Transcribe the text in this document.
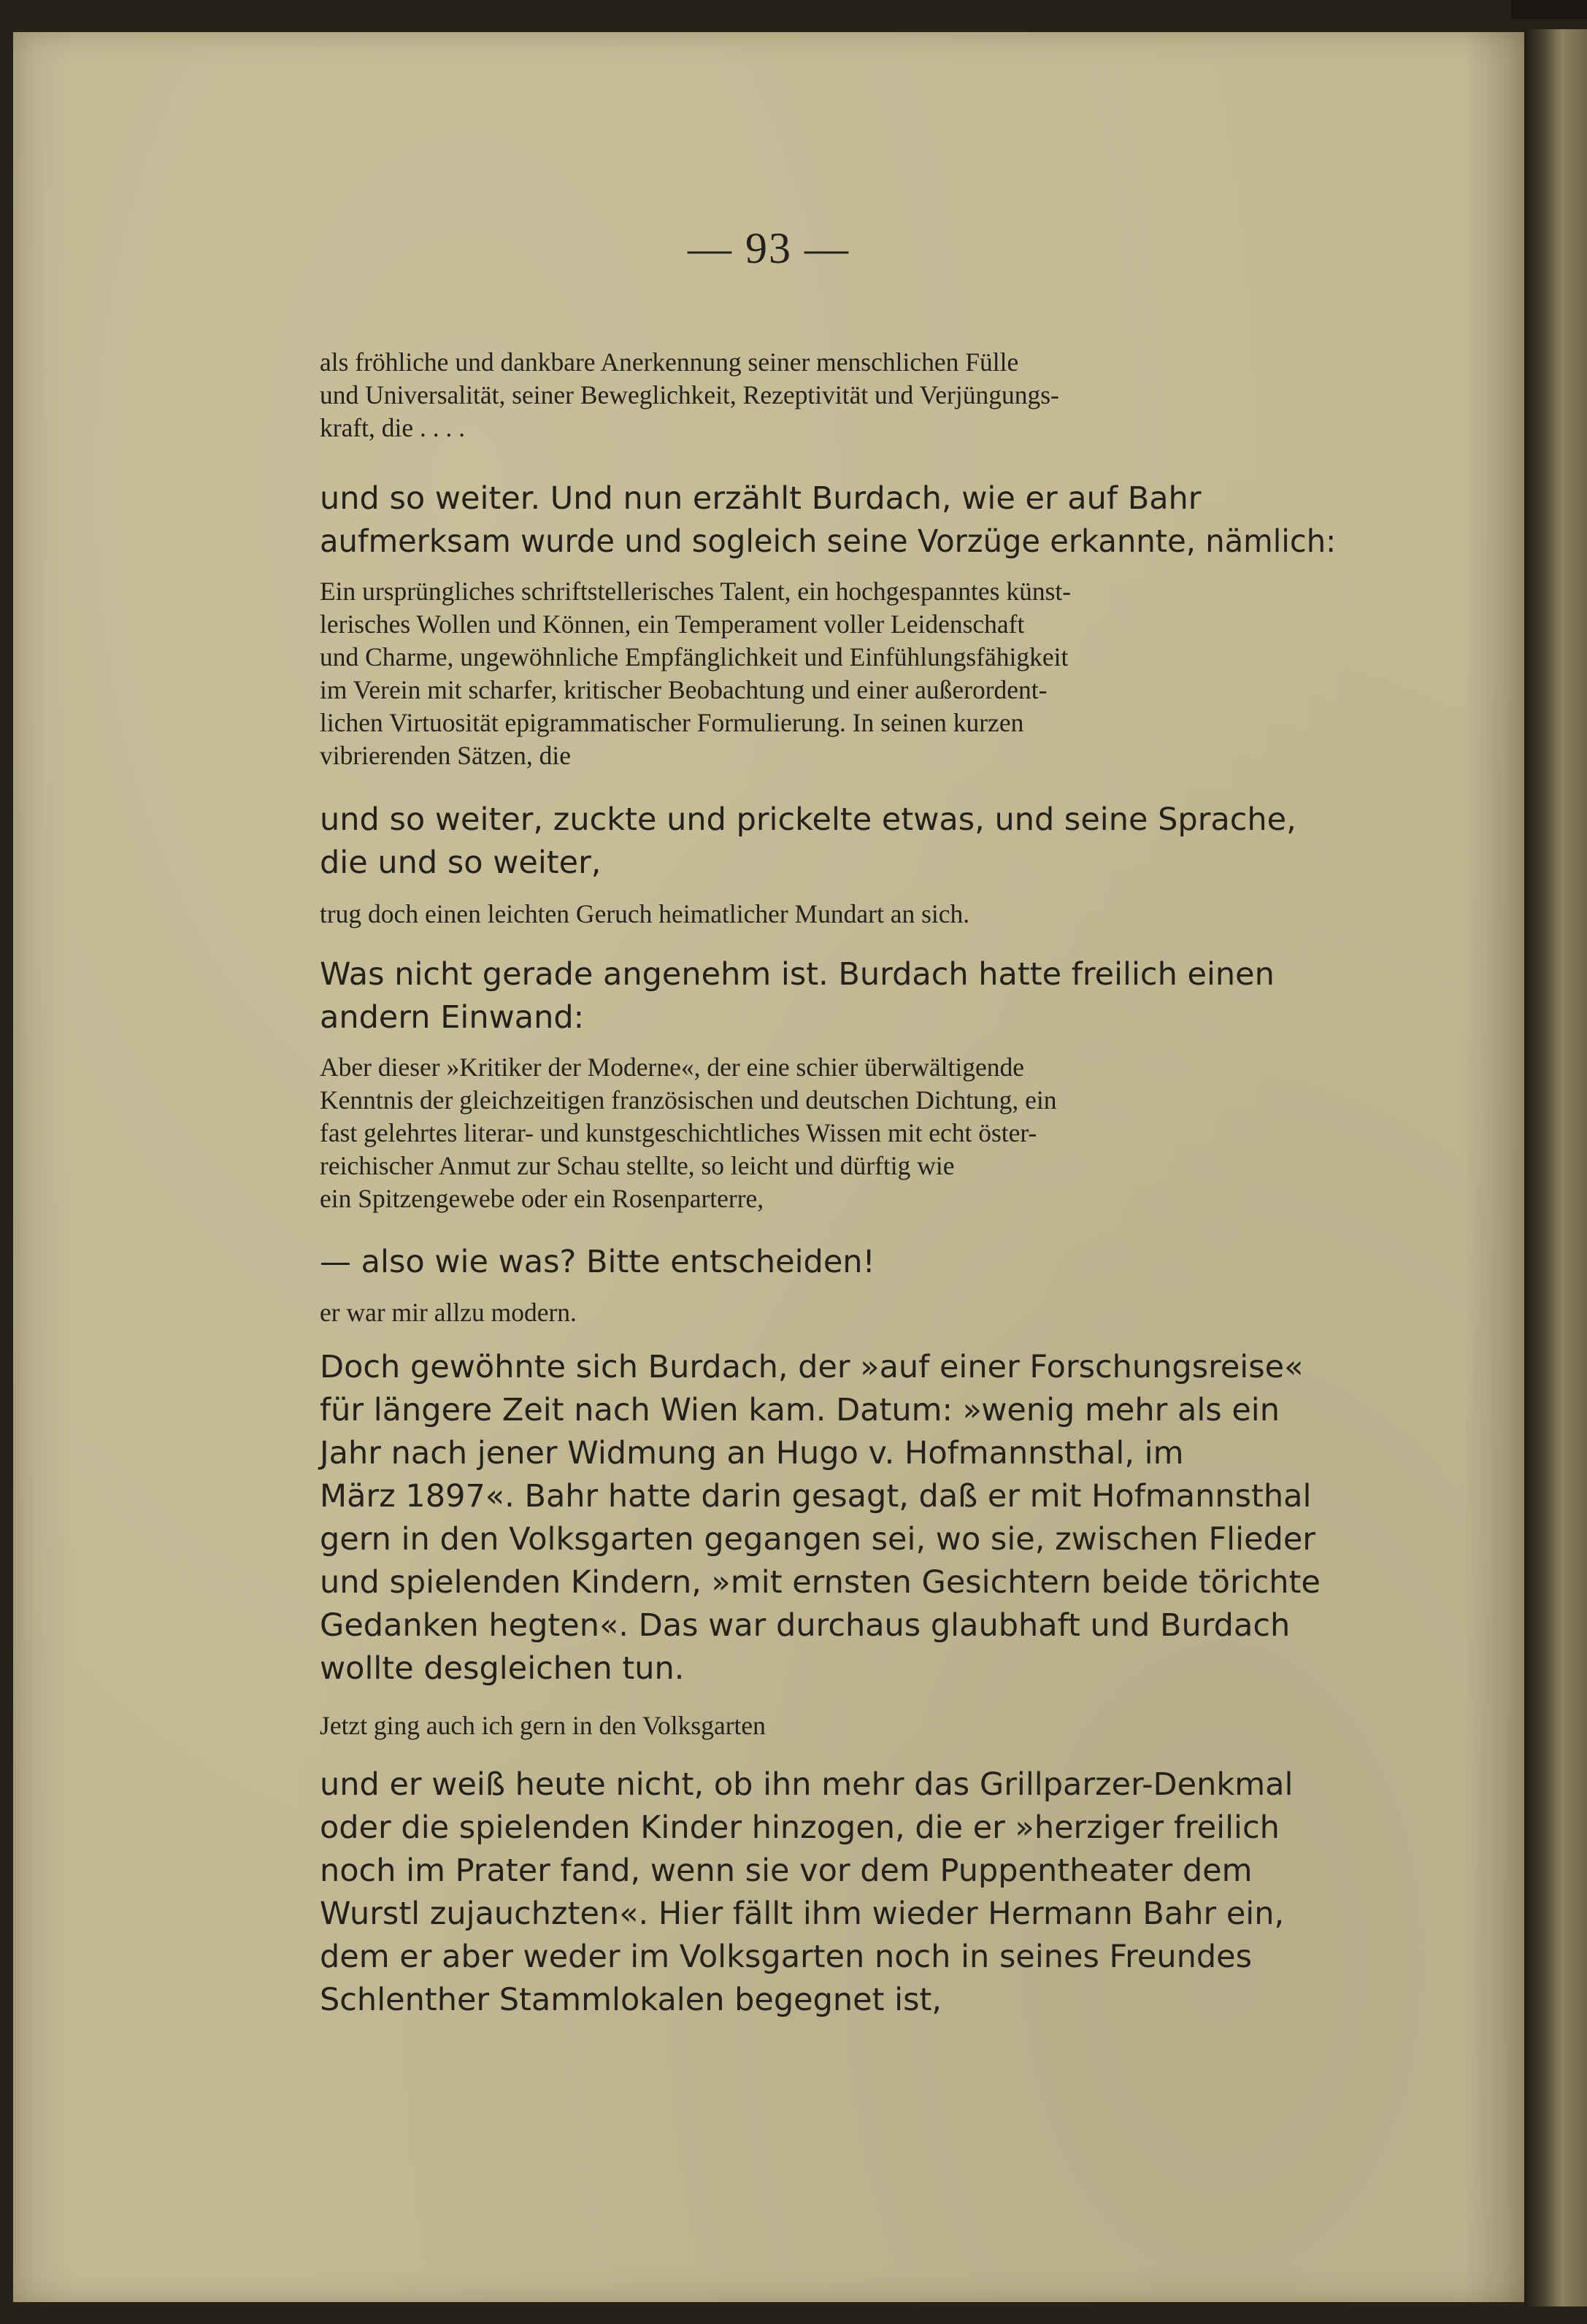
— 93 —

als fröhliche und dankbare Anerkennung seiner menschlichen Fülle
und Universalität, seiner Beweglichkeit, Rezeptivität und Verjüngungs-
kraft, die . . . .

und so weiter. Und nun erzählt Burdach, wie er auf Bahr
aufmerksam wurde und sogleich seine Vorzüge erkannte, nämlich:

Ein ursprüngliches schriftstellerisches Talent, ein hochgespanntes künst-
lerisches Wollen und Können, ein Temperament voller Leidenschaft
und Charme, ungewöhnliche Empfänglichkeit und Einfühlungsfähigkeit
im Verein mit scharfer, kritischer Beobachtung und einer außerordent-
lichen Virtuosität epigrammatischer Formulierung. In seinen kurzen
vibrierenden Sätzen, die

und so weiter, zuckte und prickelte etwas, und seine Sprache,
die und so weiter,

trug doch einen leichten Geruch heimatlicher Mundart an sich.

Was nicht gerade angenehm ist. Burdach hatte freilich einen
andern Einwand:

Aber dieser »Kritiker der Moderne«, der eine schier überwältigende
Kenntnis der gleichzeitigen französischen und deutschen Dichtung, ein
fast gelehrtes literar- und kunstgeschichtliches Wissen mit echt öster-
reichischer Anmut zur Schau stellte, so leicht und dürftig wie
ein Spitzengewebe oder ein Rosenparterre,

— also wie was? Bitte entscheiden!

er war mir allzu modern.

Doch gewöhnte sich Burdach, der »auf einer Forschungsreise«
für längere Zeit nach Wien kam. Datum: »wenig mehr als ein
Jahr nach jener Widmung an Hugo v. Hofmannsthal, im
März 1897«. Bahr hatte darin gesagt, daß er mit Hofmannsthal
gern in den Volksgarten gegangen sei, wo sie, zwischen Flieder
und spielenden Kindern, »mit ernsten Gesichtern beide törichte
Gedanken hegten«. Das war durchaus glaubhaft und Burdach
wollte desgleichen tun.

Jetzt ging auch ich gern in den Volksgarten

und er weiß heute nicht, ob ihn mehr das Grillparzer-Denkmal
oder die spielenden Kinder hinzogen, die er »herziger freilich
noch im Prater fand, wenn sie vor dem Puppentheater dem
Wurstl zujauchzten«. Hier fällt ihm wieder Hermann Bahr ein,
dem er aber weder im Volksgarten noch in seines Freundes
Schlenther Stammlokalen begegnet ist,
